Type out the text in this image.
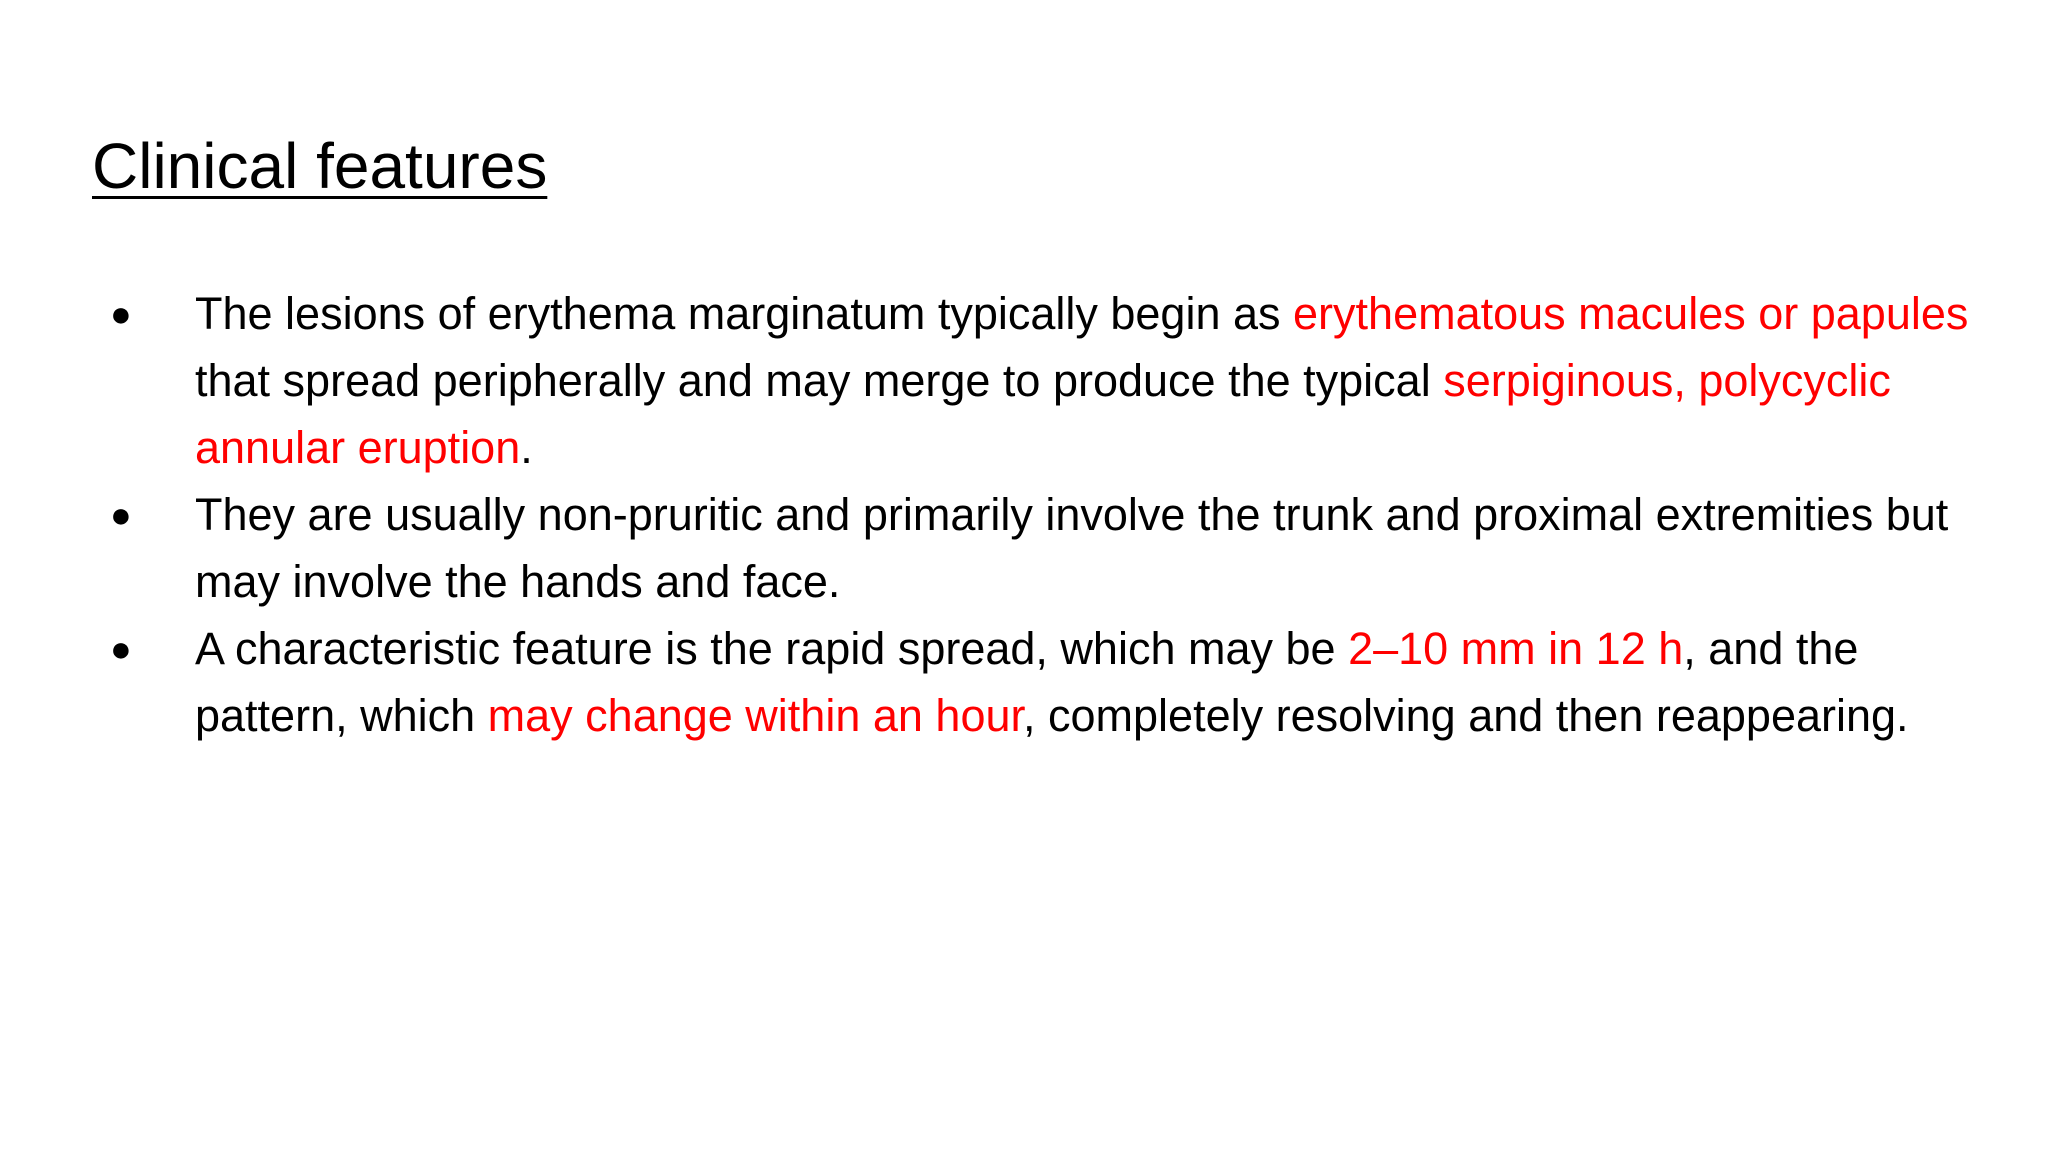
Clinical features
●	The lesions of erythema marginatum typically begin as erythematous macules or papules that spread peripherally and may merge to produce the typical serpiginous, polycyclic annular eruption.
●	They are usually non-pruritic and primarily involve the trunk and proximal extremities but may involve the hands and face.
●	A characteristic feature is the rapid spread, which may be 2–10 mm in 12 h, and the pattern, which may change within an hour, completely resolving and then reappearing.
